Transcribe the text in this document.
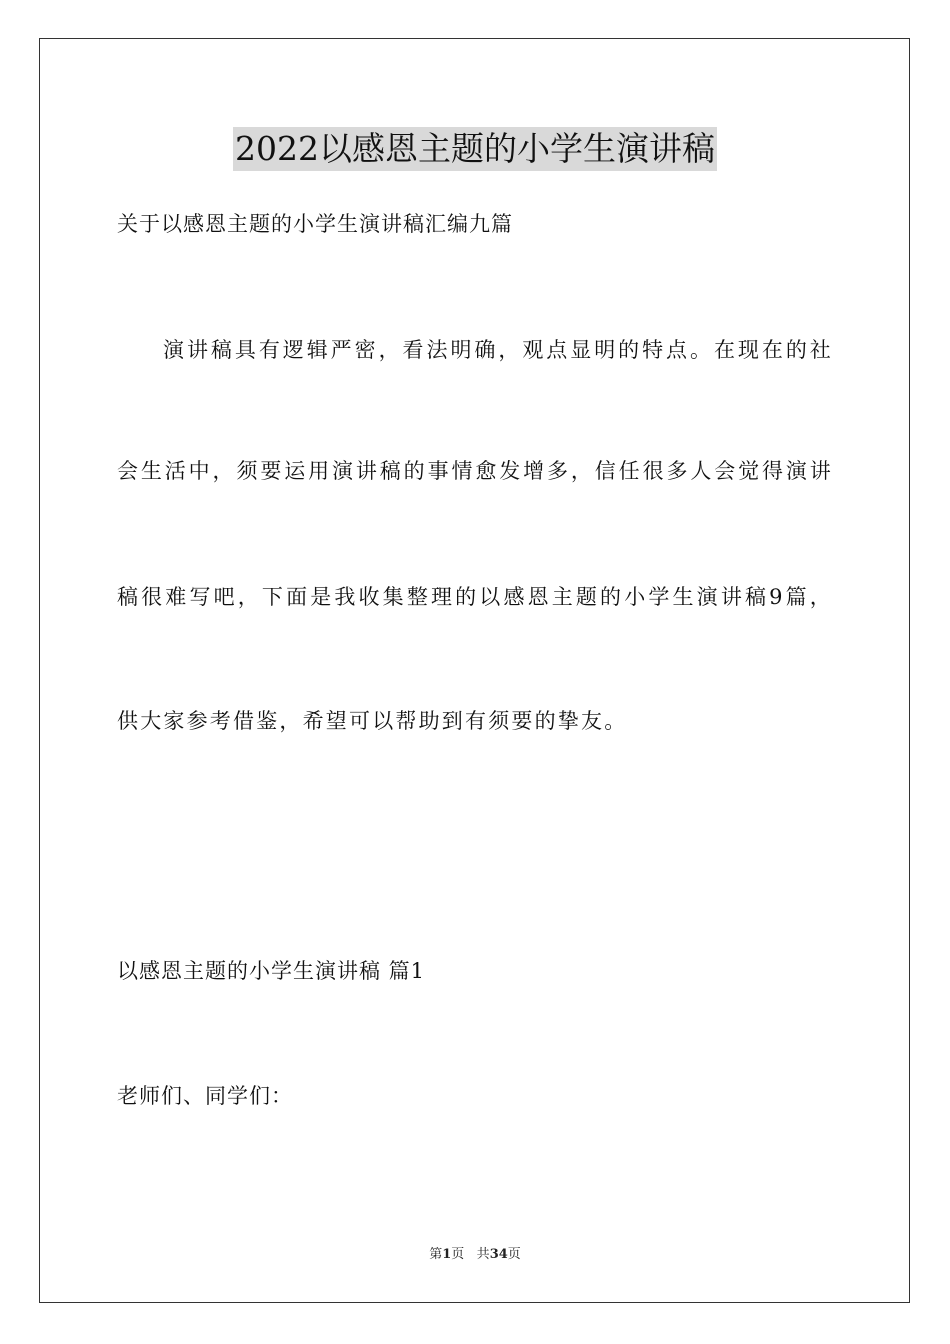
2022以感恩主题的小学生演讲稿
关于以感恩主题的小学生演讲稿汇编九篇
演讲稿具有逻辑严密，看法明确，观点显明的特点。在现在的社
会生活中，须要运用演讲稿的事情愈发增多，信任很多人会觉得演讲
稿很难写吧，下面是我收集整理的以感恩主题的小学生演讲稿9篇，
供大家参考借鉴，希望可以帮助到有须要的挚友。
以感恩主题的小学生演讲稿 篇1
老师们、同学们：
第1页 共34页
